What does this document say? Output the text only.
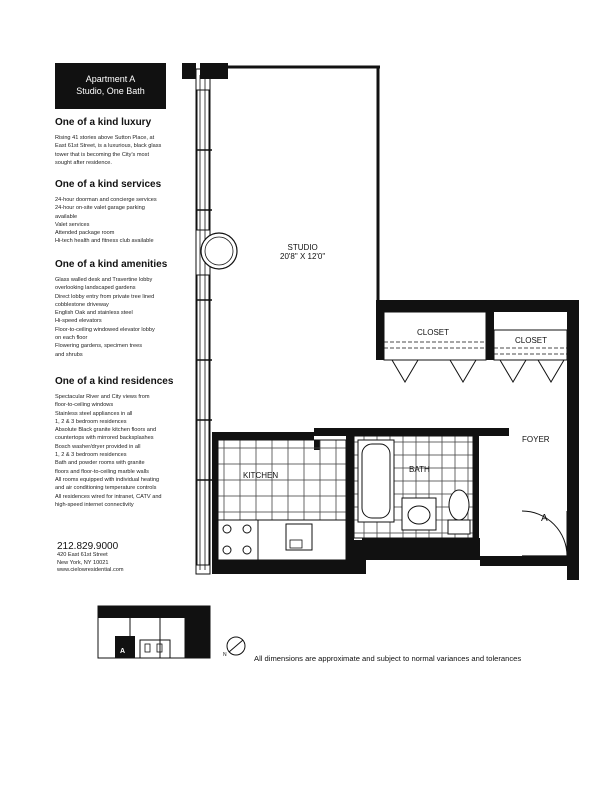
Apartment A
Studio, One Bath
One of a kind luxury
Rising 41 stories above Sutton Place, at
East 61st Street, is a luxurious, black glass
tower that is becoming the City's most
sought after residence.
One of a kind services
24-hour doorman and concierge services
24-hour on-site valet garage parking
available
Valet services
Attended package room
Hi-tech health and fitness club available
One of a kind amenities
Glass walled desk and Travertine lobby
overlooking landscaped gardens
Direct lobby entry from private tree lined
cobblestone driveway
English Oak and stainless steel
Hi-speed elevators
Floor-to-ceiling windowed elevator lobby
on each floor
Flowering gardens, specimen trees
and shrubs
One of a kind residences
Spectacular River and City views from
floor-to-ceiling windows
Stainless steel appliances in all
1, 2 & 3 bedroom residences
Absolute Black granite kitchen floors and
countertops with mirrored backsplashes
Bosch washer/dryer provided in all
1, 2 & 3 bedroom residences
Bath and powder rooms with granite
floors and floor-to-ceiling marble walls
All rooms equipped with individual heating
and air conditioning temperature controls
All residences wired for intranet, CATV and
high-speed internet connectivity
212.829.9000
420 East 61st Street
New York, NY 10021
www.cielowresidential.com
STUDIO
20'8" X 12'0"
CLOSET
CLOSET
FOYER
KITCHEN
BATH
A
A	N	All dimensions are approximate and subject to normal variances and tolerances
